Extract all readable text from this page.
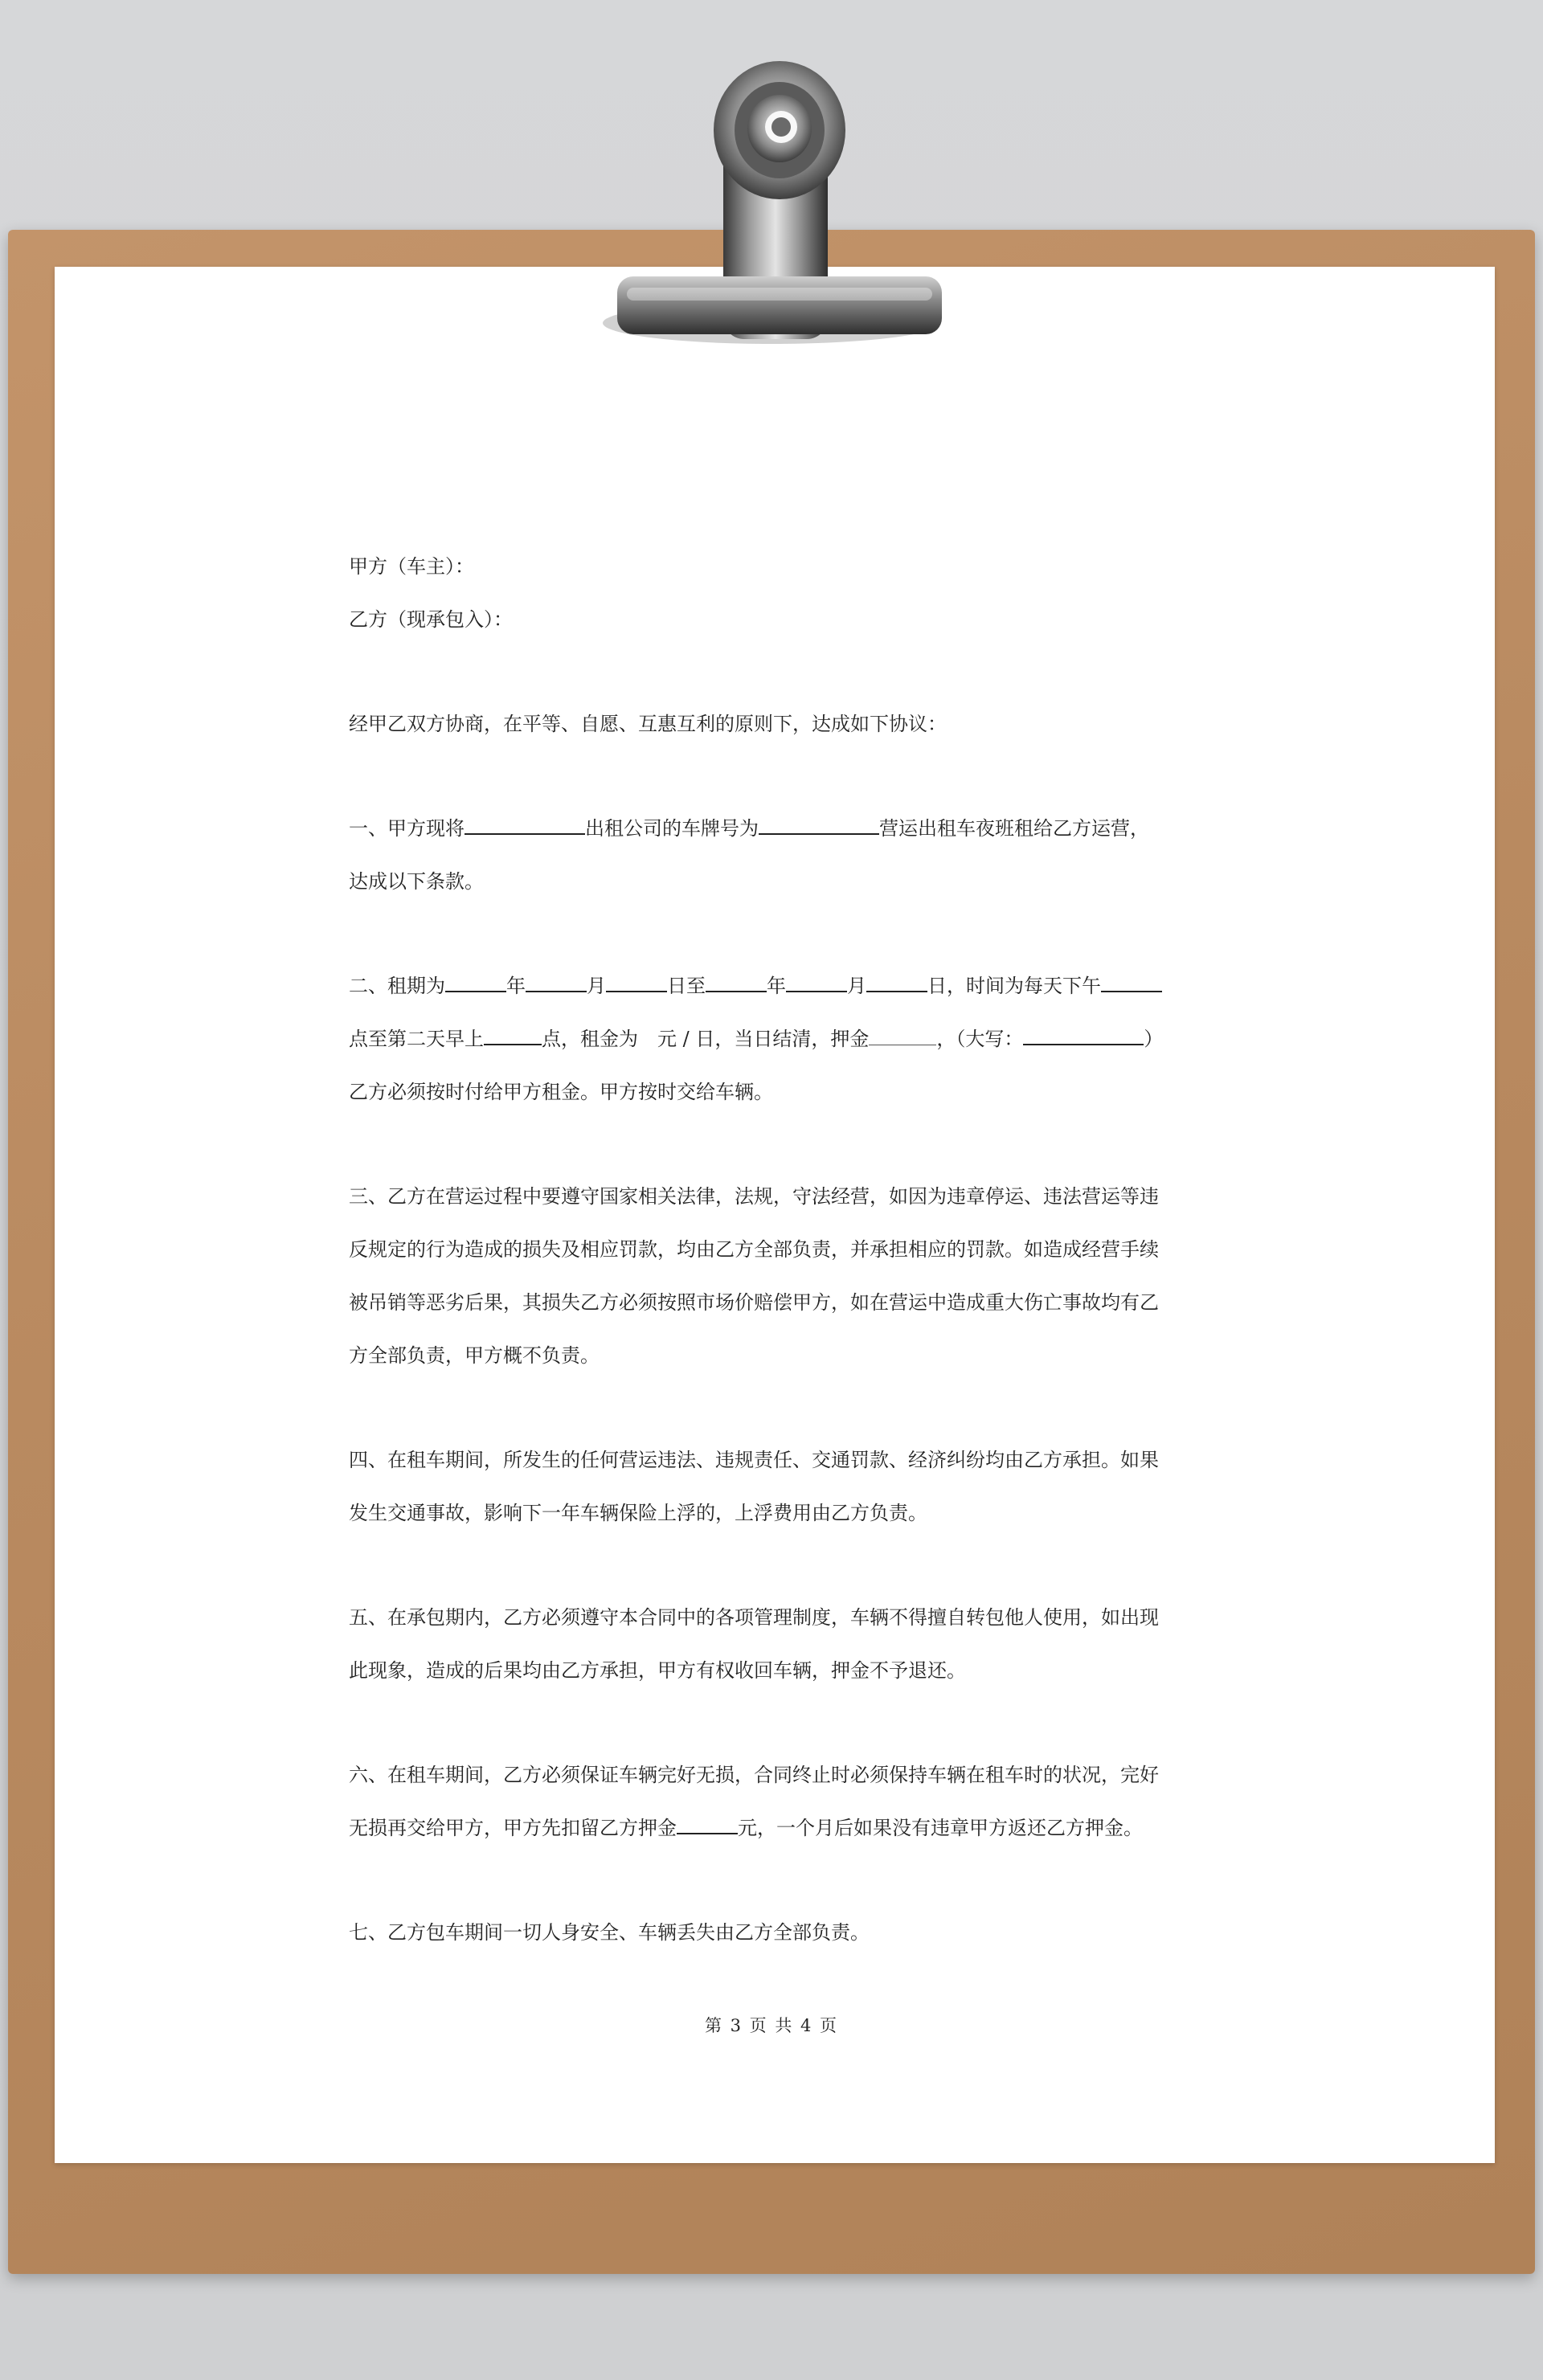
甲方（车主）：
乙方（现承包入）：
经甲乙双方协商，在平等、自愿、互惠互利的原则下，达成如下协议：
一、甲方现将	出租公司的车牌号为	营运出租车夜班租给乙方运营，
达成以下条款。
二、租期为	年	月	日至	年	月	日，时间为每天下午
点至第二天早上	点，租金为　元 / 日，当日结清，押金	，（大写：	）
乙方必须按时付给甲方租金。甲方按时交给车辆。
三、乙方在营运过程中要遵守国家相关法律，法规，守法经营，如因为违章停运、违法营运等违
反规定的行为造成的损失及相应罚款，均由乙方全部负责，并承担相应的罚款。如造成经营手续
被吊销等恶劣后果，其损失乙方必须按照市场价赔偿甲方，如在营运中造成重大伤亡事故均有乙
方全部负责，甲方概不负责。
四、在租车期间，所发生的任何营运违法、违规责任、交通罚款、经济纠纷均由乙方承担。如果
发生交通事故，影响下一年车辆保险上浮的，上浮费用由乙方负责。
五、在承包期内，乙方必须遵守本合同中的各项管理制度，车辆不得擅自转包他人使用，如出现
此现象，造成的后果均由乙方承担，甲方有权收回车辆，押金不予退还。
六、在租车期间，乙方必须保证车辆完好无损，合同终止时必须保持车辆在租车时的状况，完好
无损再交给甲方，甲方先扣留乙方押金	元，一个月后如果没有违章甲方返还乙方押金。
七、乙方包车期间一切人身安全、车辆丢失由乙方全部负责。
第 3 页 共 4 页
